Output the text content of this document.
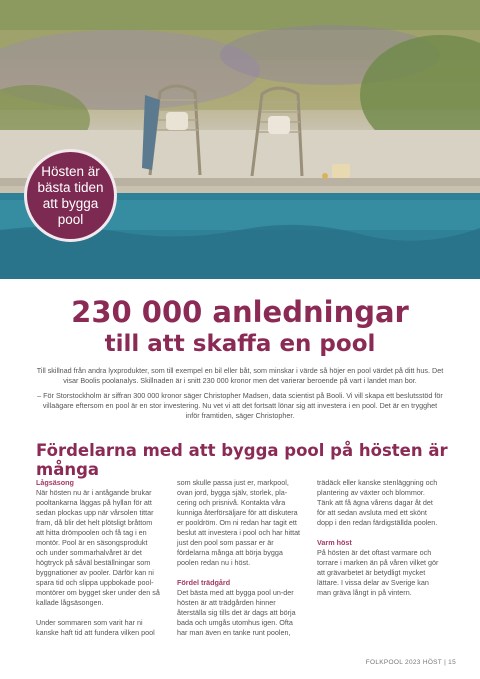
Hösten är
bästa tiden
att bygga
pool
230 000 anledningar
till att skaffa en pool
Till skillnad från andra lyxprodukter, som till exempel en bil eller båt, som minskar i värde så höjer en pool värdet på ditt hus. Det visar Boolis poolanalys. Skillnaden är i snitt 230 000 kronor men det varierar beroende på vart i landet man bor.
– För Storstockholm är siffran 300 000 kronor säger Christopher Madsen, data scientist på Booli. Vi vill skapa ett beslutsstöd för villaägare eftersom en pool är en stor investering. Nu vet vi att det fortsatt lönar sig att investera i en pool. Det är en trygghet inför framtiden, säger Christopher.
Fördelarna med att bygga pool på hösten är många
Lågsäsong

När hösten nu är i antågande brukar pooltankarna läggas på hyllan för att sedan plockas upp när vårsolen tittar fram, då blir det helt plötsligt bråttom att hitta drömpoolen och få tag i en montör. Pool är en säsongsprodukt och under sommarhalvåret är det högtryck på såväl beställningar som byggnationer av pooler. Därför kan ni spara tid och slippa uppbokade pool-montörer om bygget sker under den så kallade lågsäsongen.

Under sommaren som varit har ni kanske haft tid att fundera vilken pool

som skulle passa just er, markpool, ovan jord, bygga själv, storlek, pla-cering och prisnivå. Kontakta våra kunniga återförsäljare för att diskutera er pooldröm. Om ni redan har tagit ett beslut att investera i pool och har hittat just den pool som passar er är fördelarna många att börja bygga poolen redan nu i höst.

Fördel trädgård

Det bästa med att bygga pool un-der hösten är att trädgården hinner återställa sig tills det är dags att börja bada och umgås utomhus igen. Ofta har man även en tanke runt poolen,

trädäck eller kanske stenläggning och plantering av växter och blommor. Tänk att få ägna vårens dagar åt det för att sedan avsluta med ett skönt dopp i den redan färdigställda poolen.

Varm höst

På hösten är det oftast varmare och torrare i marken än på våren vilket gör att grävarbetet är betydligt mycket lättare. I vissa delar av Sverige kan man gräva långt in på vintern.

FOLKPOOL 2023 HÖST | 15
